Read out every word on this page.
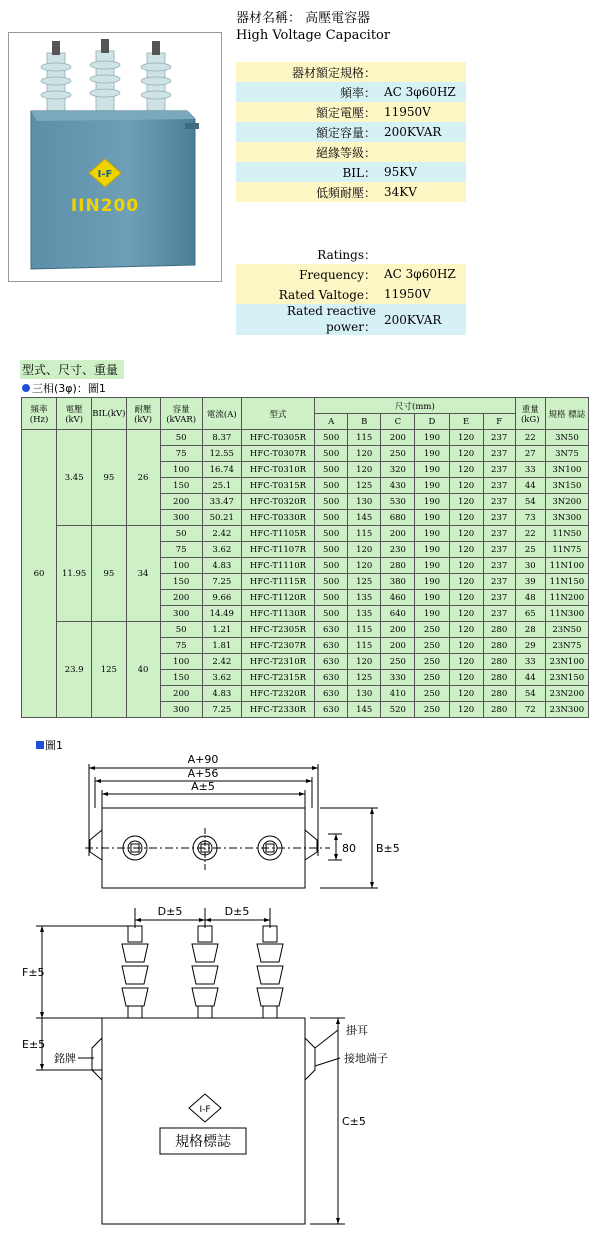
I-F
IIN200
器材名稱： 高壓電容器
High Voltage Capacitor
器材額定規格：	
頻率：	AC 3φ60HZ
額定電壓：	11950V
額定容量：	200KVAR
絕緣等級：	
BIL：	95KV
低頻耐壓：	34KV
Ratings：	
Frequency：	AC 3φ60HZ
Rated Valtoge：	11950V
Rated reactive power：	200KVAR
型式、尺寸、重量
三相(3φ)：圖1
頻率(Hz)	電壓(kV)	BIL(kV)	耐壓(kV)	容量(kVAR)	電流(A)	型式	尺寸(mm)						重量(kG)	規格 標誌
							A	B	C	D	E	F		
60	3.45	95	26	50	8.37	HFC-T0305R	500	115	200	190	120	237	22	3N50
				75	12.55	HFC-T0307R	500	120	250	190	120	237	27	3N75
				100	16.74	HFC-T0310R	500	120	320	190	120	237	33	3N100
				150	25.1	HFC-T0315R	500	125	430	190	120	237	44	3N150
				200	33.47	HFC-T0320R	500	130	530	190	120	237	54	3N200
				300	50.21	HFC-T0330R	500	145	680	190	120	237	73	3N300
	11.95	95	34	50	2.42	HFC-T1105R	500	115	200	190	120	237	22	11N50
				75	3.62	HFC-T1107R	500	120	230	190	120	237	25	11N75
				100	4.83	HFC-T1110R	500	120	280	190	120	237	30	11N100
				150	7.25	HFC-T1115R	500	125	380	190	120	237	39	11N150
				200	9.66	HFC-T1120R	500	135	460	190	120	237	48	11N200
				300	14.49	HFC-T1130R	500	135	640	190	120	237	65	11N300
	23.9	125	40	50	1.21	HFC-T2305R	630	115	200	250	120	280	28	23N50
				75	1.81	HFC-T2307R	630	115	200	250	120	280	29	23N75
				100	2.42	HFC-T2310R	630	120	250	250	120	280	33	23N100
				150	3.62	HFC-T2315R	630	125	330	250	120	280	44	23N150
				200	4.83	HFC-T2320R	630	130	410	250	120	280	54	23N200
				300	7.25	HFC-T2330R	630	145	520	250	120	280	72	23N300
圖1
A+90
A+56
A±5
B±5
80
D±5	D±5
F±5
E±5
C±5
銘牌
掛耳
接地端子
I-F
規格標誌
